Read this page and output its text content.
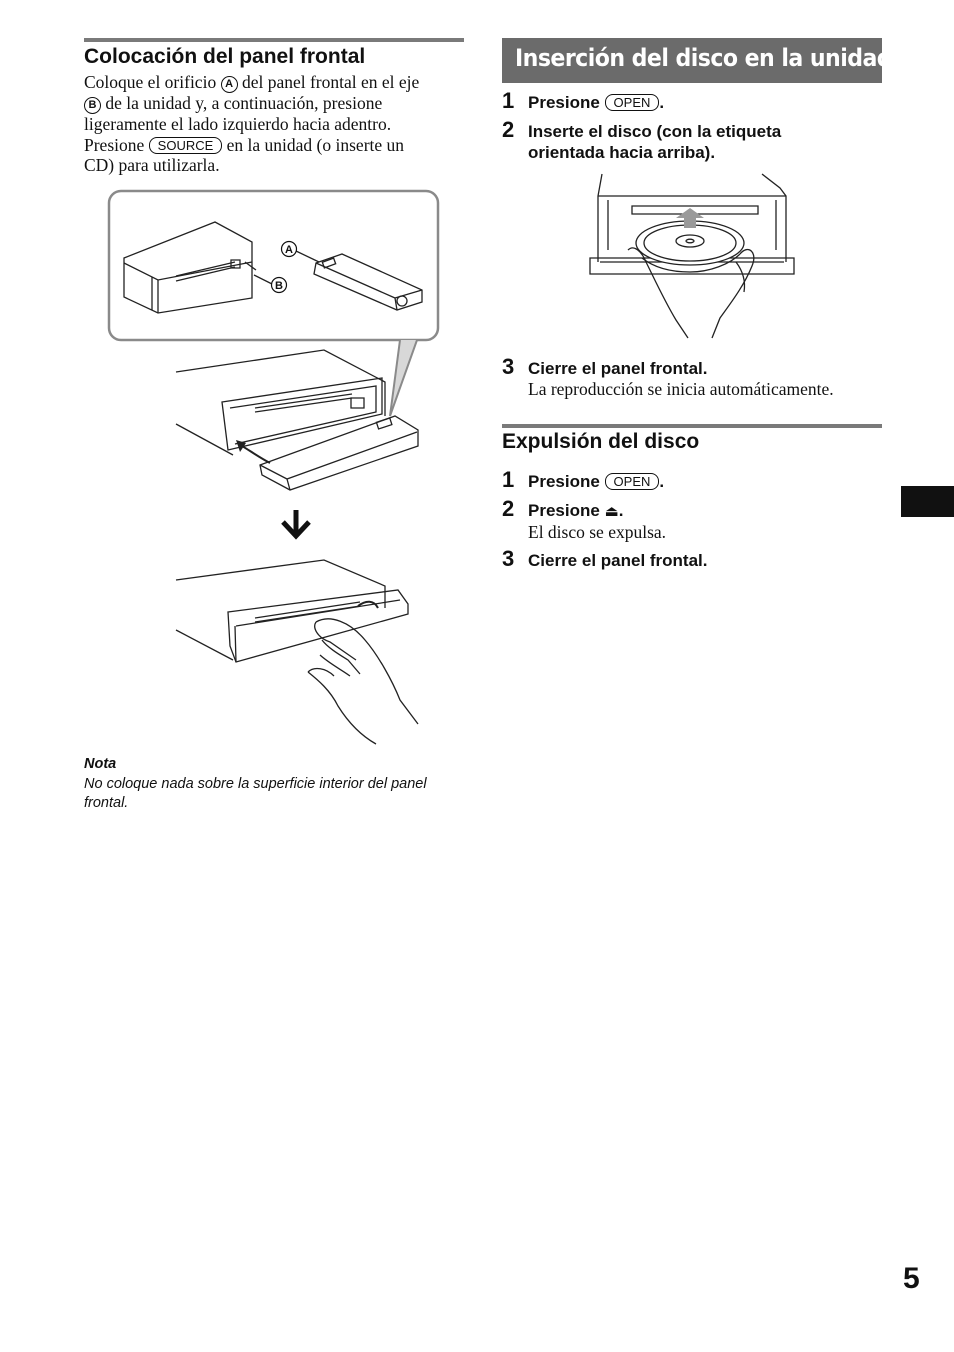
Colocación del panel frontal
Coloque el orificio A del panel frontal en el eje
B de la unidad y, a continuación, presione
ligeramente el lado izquierdo hacia adentro.
Presione SOURCE en la unidad (o inserte un
CD) para utilizarla.
Nota
No coloque nada sobre la superficie interior del panel
frontal.
Inserción del disco en la unidad
1 Presione OPEN .
2 Inserte el disco (con la etiqueta
orientada hacia arriba).
3 Cierre el panel frontal.
La reproducción se inicia automáticamente.
Expulsión del disco
1 Presione OPEN .
2 Presione ⏏.
El disco se expulsa.
3 Cierre el panel frontal.
5
A
B
